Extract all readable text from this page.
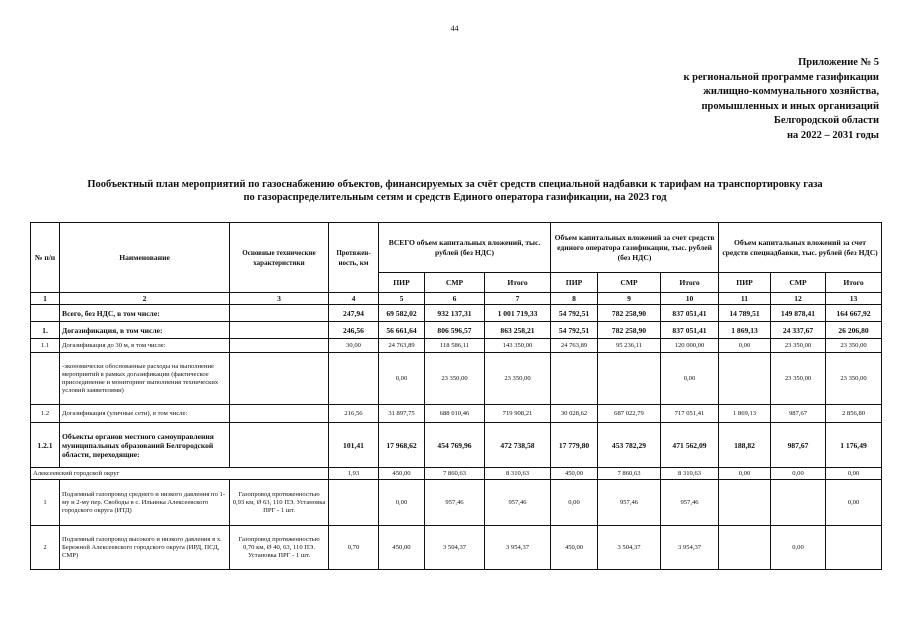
44
Приложение № 5
к региональной программе газификации
жилищно-коммунального хозяйства,
промышленных и иных организаций
Белгородской области
на 2022 – 2031 годы
Пообъектный план мероприятий по газоснабжению объектов, финансируемых за счёт средств специальной надбавки к тарифам на транспортировку газа
по газораспределительным сетям и средств Единого оператора газификации, на 2023 год
№ п/п	Наименование	Основные технические характеристики	Протяжен-ность, км	ВСЕГО объем капитальных вложений, тыс. рублей (без НДС)			Объем капитальных вложений за счет средств единого оператора газификации, тыс. рублей (без НДС)			Объем капитальных вложений за счет средств спецнадбавки, тыс. рублей (без НДС)		
				ПИР	СМР	Итого	ПИР	СМР	Итого	ПИР	СМР	Итого
1	2	3	4	5	6	7	8	9	10	11	12	13
	Всего, без НДС, в том числе:		247,94	69 582,02	932 137,31	1 001 719,33	54 792,51	782 258,90	837 051,41	14 789,51	149 878,41	164 667,92
1.	Догазификация, в том числе:		246,56	56 661,64	806 596,57	863 258,21	54 792,51	782 258,90	837 051,41	1 869,13	24 337,67	26 206,80
1.1	Догазификация до 30 м, в том числе:		30,00	24 763,89	118 586,11	143 350,00	24 763,89	95 236,11	120 000,00	0,00	23 350,00	23 350,00
	-экономически обоснованные расходы на выполнение мероприятий в рамках догазификации (фактическое присоединение и мониторинг выполнения технических условий заявителями)			0,00	23 350,00	23 350,00			0,00		23 350,00	23 350,00
1.2	Догазификация (уличные сети), в том числе:		216,56	31 897,75	688 010,46	719 908,21	30 028,62	687 022,79	717 051,41	1 869,13	987,67	2 856,80
1.2.1	Объекты органов местного самоуправления муниципальных образований Белгородской области, переходящие:		101,41	17 968,62	454 769,96	472 738,58	17 779,80	453 782,29	471 562,09	188,82	987,67	1 176,49
Алексеевский городской округ			1,93	450,00	7 860,63	8 310,63	450,00	7 860,63	8 310,63	0,00	0,00	0,00
1	Подземный газопровод среднего и низкого давления по 1-му и 2-му пер. Свободы в с. Ильинка Алексеевского городского округа (ИТД)	Газопровод протяженностью 0,93 км, Ø 63, 110 ПЭ. Установка ПРГ - 1 шт.		0,00	957,46	957,46	0,00	957,46	957,46			0,00
2	Подземный газопровод высокого и низкого давления в х. Бережной Алексеевского городского округа (ИРД, ПСД, СМР)	Газопровод протяженностью 0,70 км, Ø 40, 63, 110 ПЭ. Установка ПРГ - 1 шт.	0,70	450,00	3 504,37	3 954,37	450,00	3 504,37	3 954,37		0,00	
